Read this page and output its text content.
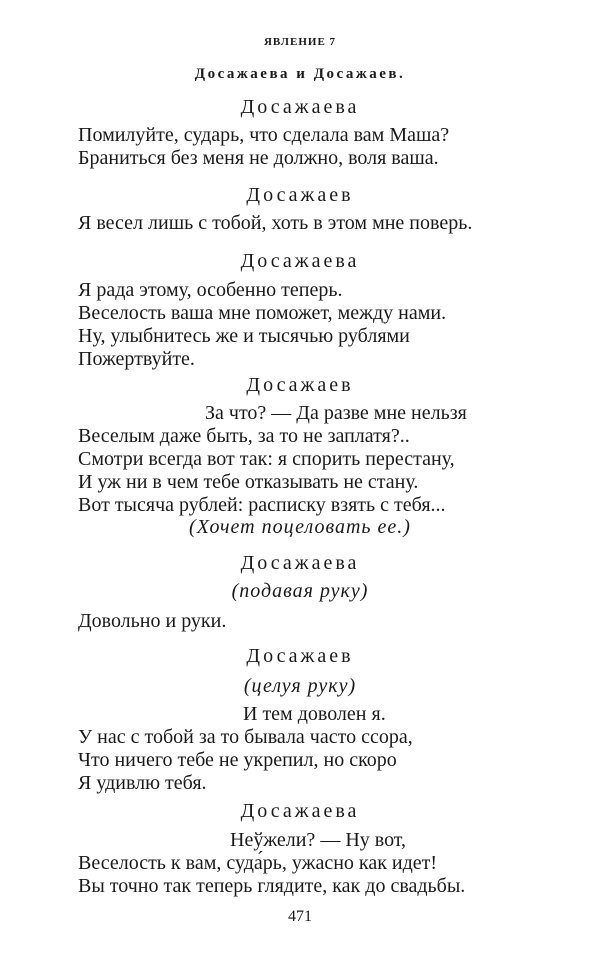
ЯВЛЕНИЕ 7
Досажаева и Досажаев.
Досажаева
Помилуйте, сударь, что сделала вам Маша?
Браниться без меня не должно, воля ваша.
Досажаев
Я весел лишь с тобой, хоть в этом мне поверь.
Досажаева
Я рада этому, особенно теперь.
Веселость ваша мне поможет, между нами.
Ну, улыбнитесь же и тысячью рублями
Пожертвуйте.
Досажаев
За что? — Да разве мне нельзя
Веселым даже быть, за то не заплатя?..
Смотри всегда вот так: я спорить перестану,
И уж ни в чем тебе отказывать не стану.
Вот тысяча рублей: расписку взять с тебя...
(Хочет поцеловать ее.)
Досажаева
(подавая руку)
Довольно и руки.
Досажаев
(целуя руку)
И тем доволен я.
У нас с тобой за то бывала часто ссора,
Что ничего тебе не укрепил, но скоро
Я удивлю тебя.
Досажаева
Неўжели? — Ну вот,
Веселость к вам, суда́рь, ужасно как идет!
Вы точно так теперь глядите, как до свадьбы.
471
